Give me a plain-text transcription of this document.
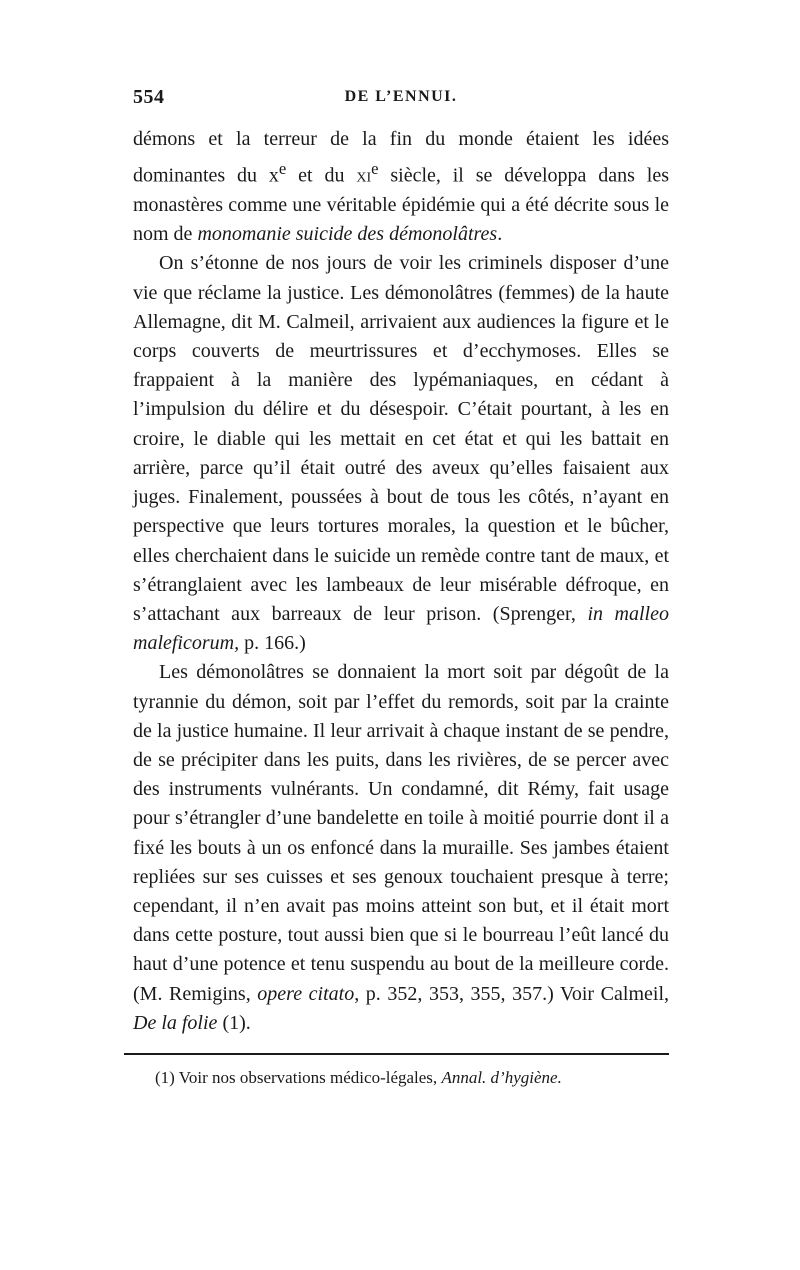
554	DE L’ENNUI.

démons et la terreur de la fin du monde étaient les idées dominantes du $x^e$ et du $xi^e$ siècle, il se développa dans les monastères comme une véritable épidémie qui a été décrite sous le nom de monomanie suicide des démonolâtres.

On s’étonne de nos jours de voir les criminels disposer d’une vie que réclame la justice. Les démonolâtres (femmes) de la haute Allemagne, dit M. Calmeil, arrivaient aux audiences la figure et le corps couverts de meurtrissures et d’ecchymoses. Elles se frappaient à la manière des lypémaniaques, en cédant à l’impulsion du délire et du désespoir. C’était pourtant, à les en croire, le diable qui les mettait en cet état et qui les battait en arrière, parce qu’il était outré des aveux qu’elles faisaient aux juges. Finalement, poussées à bout de tous les côtés, n’ayant en perspective que leurs tortures morales, la question et le bûcher, elles cherchaient dans le suicide un remède contre tant de maux, et s’étranglaient avec les lambeaux de leur misérable défroque, en s’attachant aux barreaux de leur prison. (Sprenger, in malleo maleficorum, p. 166.)

Les démonolâtres se donnaient la mort soit par dégoût de la tyrannie du démon, soit par l’effet du remords, soit par la crainte de la justice humaine. Il leur arrivait à chaque instant de se pendre, de se précipiter dans les puits, dans les rivières, de se percer avec des instruments vulnérants. Un condamné, dit Rémy, fait usage pour s’étrangler d’une bandelette en toile à moitié pourrie dont il a fixé les bouts à un os enfoncé dans la muraille. Ses jambes étaient repliées sur ses cuisses et ses genoux touchaient presque à terre; cependant, il n’en avait pas moins atteint son but, et il était mort dans cette posture, tout aussi bien que si le bourreau l’eût lancé du haut d’une potence et tenu suspendu au bout de la meilleure corde. (M. Remigins, opere citato, p. 352, 353, 355, 357.) Voir Calmeil, De la folie (1).

(1) Voir nos observations médico-légales, Annal. d’hygiène.
